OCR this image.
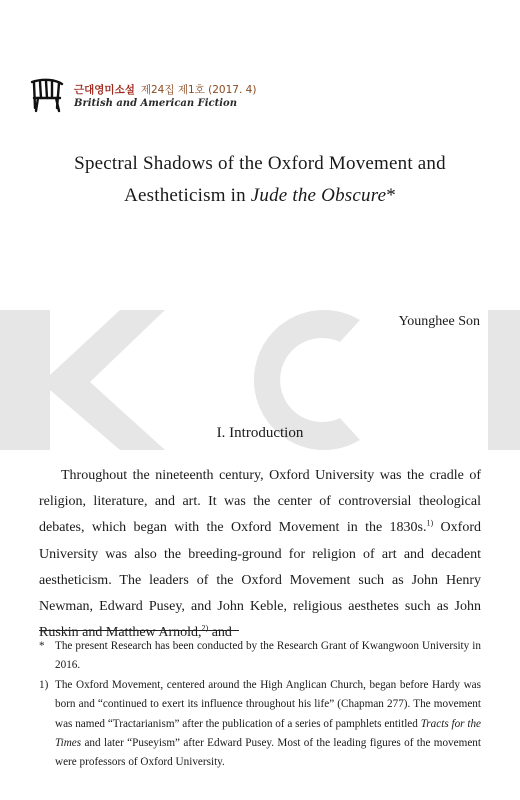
근대영미소설 제24집 제1호 (2017. 4)
British and American Fiction
Spectral Shadows of the Oxford Movement and
Aestheticism in Jude the Obscure*
Younghee Son
I. Introduction

Throughout the nineteenth century, Oxford University was the cradle of religion, literature, and art. It was the center of controversial theological debates, which began with the Oxford Movement in the 1830s.$^{1)}$ Oxford University was also the breeding-ground for religion of art and decadent aestheticism. The leaders of the Oxford Movement such as John Henry Newman, Edward Pusey, and John Keble, religious aesthetes such as John Ruskin and Matthew Arnold,$^{2)}$ and

* The present Research has been conducted by the Research Grant of Kwangwoon University in 2016.

1) The Oxford Movement, centered around the High Anglican Church, began before Hardy was born and “continued to exert its influence throughout his life” (Chapman 277). The movement was named “Tractarianism” after the publication of a series of pamphlets entitled Tracts for the Times and later “Puseyism” after Edward Pusey. Most of the leading figures of the movement were professors of Oxford University.
